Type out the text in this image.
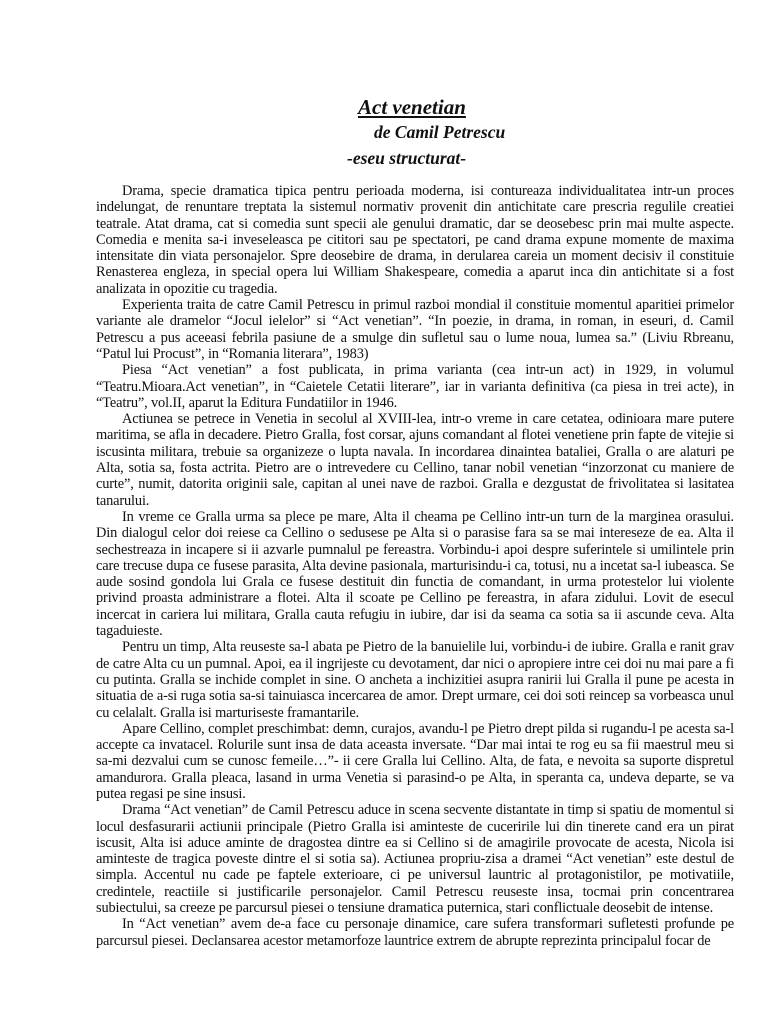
Act venetian
de Camil Petrescu
-eseu structurat-

Drama, specie dramatica tipica pentru perioada moderna, isi contureaza individualitatea intr-un proces indelungat, de renuntare treptata la sistemul normativ provenit din antichitate care prescria regulile creatiei teatrale. Atat drama, cat si comedia sunt specii ale genului dramatic, dar se deosebesc prin mai multe aspecte. Comedia e menita sa-i inveseleasca pe cititori sau pe spectatori, pe cand drama expune momente de maxima intensitate din viata personajelor. Spre deosebire de drama, in derularea careia un moment decisiv il constituie Renasterea engleza, in special opera lui William Shakespeare, comedia a aparut inca din antichitate si a fost analizata in opozitie cu tragedia.

Experienta traita de catre Camil Petrescu in primul razboi mondial il constituie momentul aparitiei primelor variante ale dramelor “Jocul ielelor” si “Act venetian”. “In poezie, in drama, in roman, in eseuri, d. Camil Petrescu a pus aceeasi febrila pasiune de a smulge din sufletul sau o lume noua, lumea sa.” (Liviu Rbreanu, “Patul lui Procust”, in “Romania literara”, 1983)

Piesa “Act venetian” a fost publicata, in prima varianta (cea intr-un act) in 1929, in volumul “Teatru.Mioara.Act venetian”, in “Caietele Cetatii literare”, iar in varianta definitiva (ca piesa in trei acte), in “Teatru”, vol.II, aparut la Editura Fundatiilor in 1946.

Actiunea se petrece in Venetia in secolul al XVIII-lea, intr-o vreme in care cetatea, odinioara mare putere maritima, se afla in decadere. Pietro Gralla, fost corsar, ajuns comandant al flotei venetiene prin fapte de vitejie si iscusinta militara, trebuie sa organizeze o lupta navala. In incordarea dinaintea bataliei, Gralla o are alaturi pe Alta, sotia sa, fosta actrita. Pietro are o intrevedere cu Cellino, tanar nobil venetian “inzorzonat cu maniere de curte”, numit, datorita originii sale, capitan al unei nave de razboi. Gralla e dezgustat de frivolitatea si lasitatea tanarului.

In vreme ce Gralla urma sa plece pe mare, Alta il cheama pe Cellino intr-un turn de la marginea orasului. Din dialogul celor doi reiese ca Cellino o sedusese pe Alta si o parasise fara sa se mai intereseze de ea. Alta il sechestreaza in incapere si ii azvarle pumnalul pe fereastra. Vorbindu-i apoi despre suferintele si umilintele prin care trecuse dupa ce fusese parasita, Alta devine pasionala, marturisindu-i ca, totusi, nu a incetat sa-l iubeasca. Se aude sosind gondola lui Grala ce fusese destituit din functia de comandant, in urma protestelor lui violente privind proasta administrare a flotei. Alta il scoate pe Cellino pe fereastra, in afara zidului. Lovit de esecul incercat in cariera lui militara, Gralla cauta refugiu in iubire, dar isi da seama ca sotia sa ii ascunde ceva. Alta tagaduieste.

Pentru un timp, Alta reuseste sa-l abata pe Pietro de la banuielile lui, vorbindu-i de iubire. Gralla e ranit grav de catre Alta cu un pumnal. Apoi, ea il ingrijeste cu devotament, dar nici o apropiere intre cei doi nu mai pare a fi cu putinta. Gralla se inchide complet in sine. O ancheta a inchizitiei asupra ranirii lui Gralla il pune pe acesta in situatia de a-si ruga sotia sa-si tainuiasca incercarea de amor. Drept urmare, cei doi soti reincep sa vorbeasca unul cu celalalt. Gralla isi marturiseste framantarile.

Apare Cellino, complet preschimbat: demn, curajos, avandu-l pe Pietro drept pilda si rugandu-l pe acesta sa-l accepte ca invatacel. Rolurile sunt insa de data aceasta inversate. “Dar mai intai te rog eu sa fii maestrul meu si sa-mi dezvalui cum se cunosc femeile…”- ii cere Gralla lui Cellino. Alta, de fata, e nevoita sa suporte dispretul amandurora. Gralla pleaca, lasand in urma Venetia si parasind-o pe Alta, in speranta ca, undeva departe, se va putea regasi pe sine insusi.

Drama “Act venetian” de Camil Petrescu aduce in scena secvente distantate in timp si spatiu de momentul si locul desfasurarii actiunii principale (Pietro Gralla isi aminteste de cuceririle lui din tinerete cand era un pirat iscusit, Alta isi aduce aminte de dragostea dintre ea si Cellino si de amagirile provocate de acesta, Nicola isi aminteste de tragica poveste dintre el si sotia sa). Actiunea propriu-zisa a dramei “Act venetian” este destul de simpla. Accentul nu cade pe faptele exterioare, ci pe universul launtric al protagonistilor, pe motivatiile, credintele, reactiile si justificarile personajelor. Camil Petrescu reuseste insa, tocmai prin concentrarea subiectului, sa creeze pe parcursul piesei o tensiune dramatica puternica, stari conflictuale deosebit de intense.

In “Act venetian” avem de-a face cu personaje dinamice, care sufera transformari sufletesti profunde pe parcursul piesei. Declansarea acestor metamorfoze launtrice extrem de abrupte reprezinta principalul focar de
